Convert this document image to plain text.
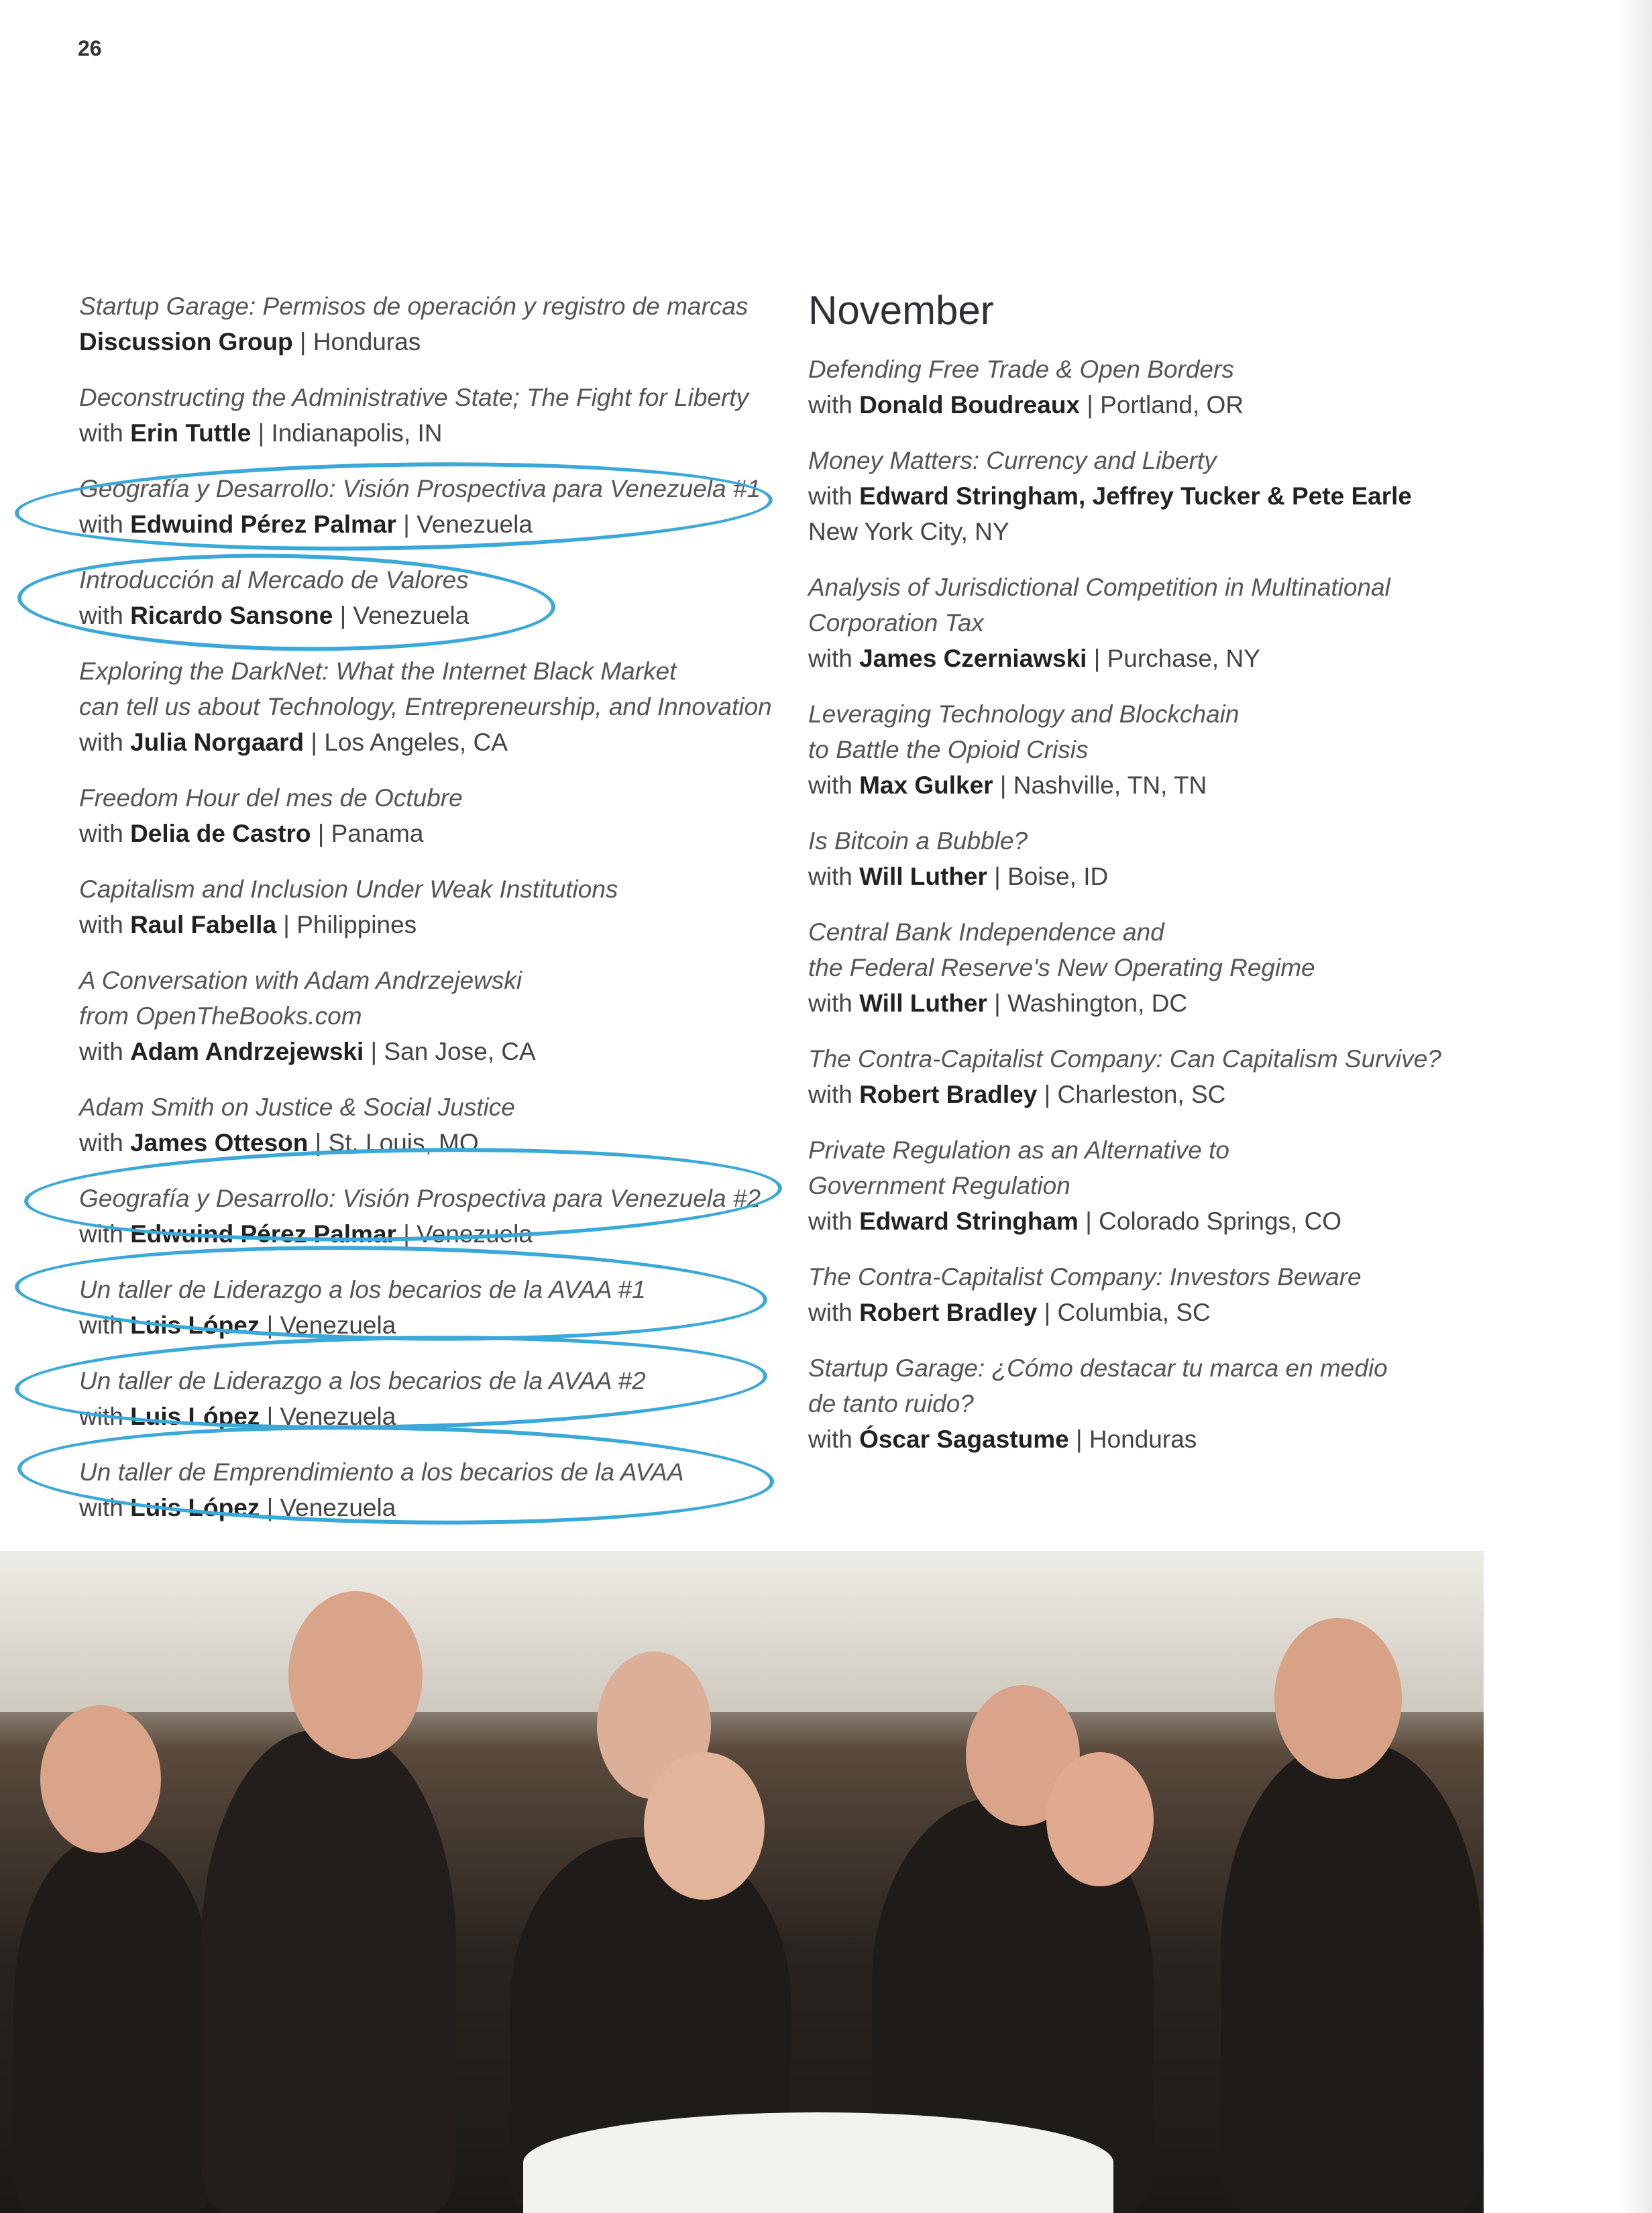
26
Startup Garage: Permisos de operación y registro de marcas
Discussion Group | Honduras
Deconstructing the Administrative State; The Fight for Liberty
with Erin Tuttle | Indianapolis, IN
Geografía y Desarrollo: Visión Prospectiva para Venezuela #1
with Edwuind Pérez Palmar | Venezuela
Introducción al Mercado de Valores
with Ricardo Sansone | Venezuela
Exploring the DarkNet: What the Internet Black Market
can tell us about Technology, Entrepreneurship, and Innovation
with Julia Norgaard | Los Angeles, CA
Freedom Hour del mes de Octubre
with Delia de Castro | Panama
Capitalism and Inclusion Under Weak Institutions
with Raul Fabella | Philippines
A Conversation with Adam Andrzejewski
from OpenTheBooks.com
with Adam Andrzejewski | San Jose, CA
Adam Smith on Justice & Social Justice
with James Otteson | St. Louis, MO
Geografía y Desarrollo: Visión Prospectiva para Venezuela #2
with Edwuind Pérez Palmar | Venezuela
Un taller de Liderazgo a los becarios de la AVAA #1
with Luis López | Venezuela
Un taller de Liderazgo a los becarios de la AVAA #2
with Luis López | Venezuela
Un taller de Emprendimiento a los becarios de la AVAA
with Luis López | Venezuela
November
Defending Free Trade & Open Borders
with Donald Boudreaux | Portland, OR
Money Matters: Currency and Liberty
with Edward Stringham, Jeffrey Tucker & Pete Earle
New York City, NY
Analysis of Jurisdictional Competition in Multinational
Corporation Tax
with James Czerniawski | Purchase, NY
Leveraging Technology and Blockchain
to Battle the Opioid Crisis
with Max Gulker | Nashville, TN, TN
Is Bitcoin a Bubble?
with Will Luther | Boise, ID
Central Bank Independence and
the Federal Reserve's New Operating Regime
with Will Luther | Washington, DC
The Contra-Capitalist Company: Can Capitalism Survive?
with Robert Bradley | Charleston, SC
Private Regulation as an Alternative to
Government Regulation
with Edward Stringham | Colorado Springs, CO
The Contra-Capitalist Company: Investors Beware
with Robert Bradley | Columbia, SC
Startup Garage: ¿Cómo destacar tu marca en medio
de tanto ruido?
with Óscar Sagastume | Honduras
